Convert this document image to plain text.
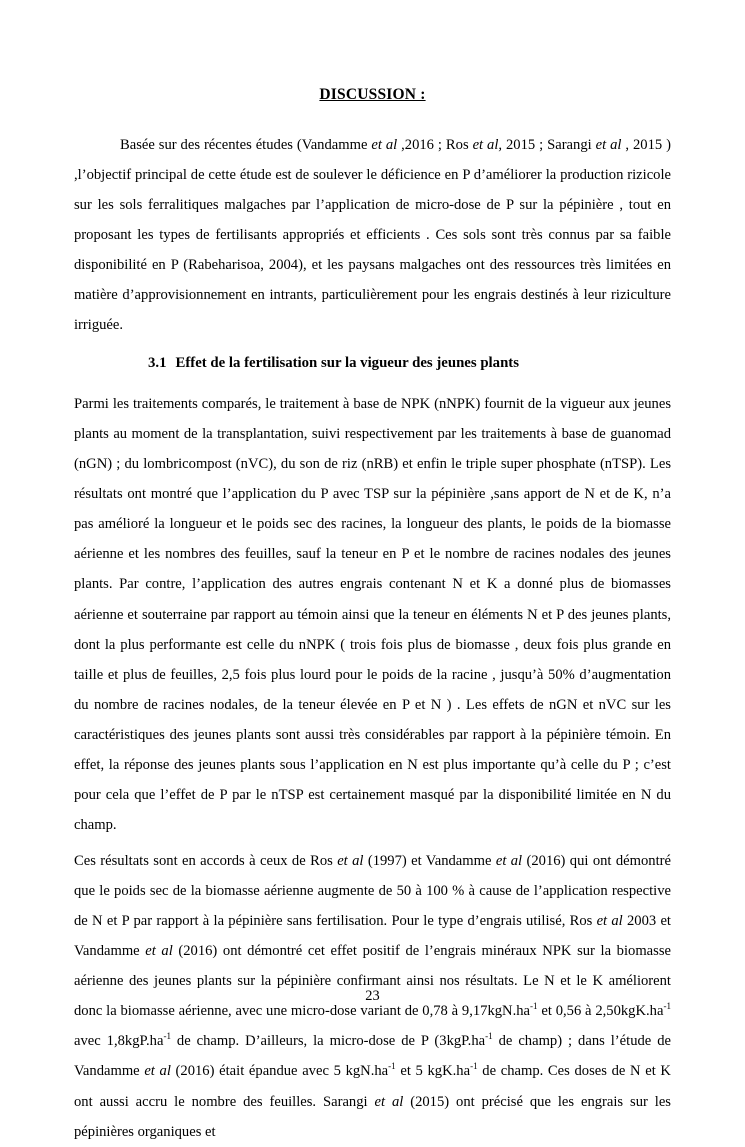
DISCUSSION :

Basée sur des récentes études (Vandamme et al ,2016 ; Ros et al, 2015 ; Sarangi et al , 2015 ) ,l’objectif principal de cette étude est de soulever le déficience en P d’améliorer la production rizicole sur les sols ferralitiques malgaches par l’application de micro-dose de P sur la pépinière , tout en proposant les types de fertilisants appropriés et efficients . Ces sols sont très connus par sa faible disponibilité en P (Rabeharisoa, 2004), et les paysans malgaches ont des ressources très limitées en matière d’approvisionnement en intrants, particulièrement pour les engrais destinés à leur riziculture irriguée.

3.1 Effet de la fertilisation sur la vigueur des jeunes plants

Parmi les traitements comparés, le traitement à base de NPK (nNPK) fournit de la vigueur aux jeunes plants au moment de la transplantation, suivi respectivement par les traitements à base de guanomad (nGN) ; du lombricompost (nVC), du son de riz (nRB) et enfin le triple super phosphate (nTSP). Les résultats ont montré que l’application du P avec TSP sur la pépinière ,sans apport de N et de K, n’a pas amélioré la longueur et le poids sec des racines, la longueur des plants, le poids de la biomasse aérienne et les nombres des feuilles, sauf la teneur en P et le nombre de racines nodales des jeunes plants. Par contre, l’application des autres engrais contenant N et K a donné plus de biomasses aérienne et souterraine par rapport au témoin ainsi que la teneur en éléments N et P des jeunes plants, dont la plus performante est celle du nNPK ( trois fois plus de biomasse , deux fois plus grande en taille et plus de feuilles, 2,5 fois plus lourd pour le poids de la racine , jusqu’à 50% d’augmentation du nombre de racines nodales, de la teneur élevée en P et N ) . Les effets de nGN et nVC sur les caractéristiques des jeunes plants sont aussi très considérables par rapport à la pépinière témoin. En effet, la réponse des jeunes plants sous l’application en N est plus importante qu’à celle du P ; c’est pour cela que l’effet de P par le nTSP est certainement masqué par la disponibilité limitée en N du champ.

Ces résultats sont en accords à ceux de Ros et al (1997) et Vandamme et al (2016) qui ont démontré que le poids sec de la biomasse aérienne augmente de 50 à 100 % à cause de l’application respective de N et P par rapport à la pépinière sans fertilisation. Pour le type d’engrais utilisé, Ros et al 2003 et Vandamme et al (2016) ont démontré cet effet positif de l’engrais minéraux NPK sur la biomasse aérienne des jeunes plants sur la pépinière confirmant ainsi nos résultats. Le N et le K améliorent donc la biomasse aérienne, avec une micro-dose variant de 0,78 à $9,17kgN.ha^{-1}$ et 0,56 à $2,50kgK.ha^{-1}$ avec $1,8kgP.ha^{-1}$ de champ. D’ailleurs, la micro-dose de P ($3kgP.ha^{-1}$ de champ) ; dans l’étude de Vandamme et al (2016) était épandue avec 5 $kgN.ha^{-1}$ et 5 $kgK.ha^{-1}$ de champ. Ces doses de N et K ont aussi accru le nombre des feuilles. Sarangi et al (2015) ont précisé que les engrais sur les pépinières organiques et

23
